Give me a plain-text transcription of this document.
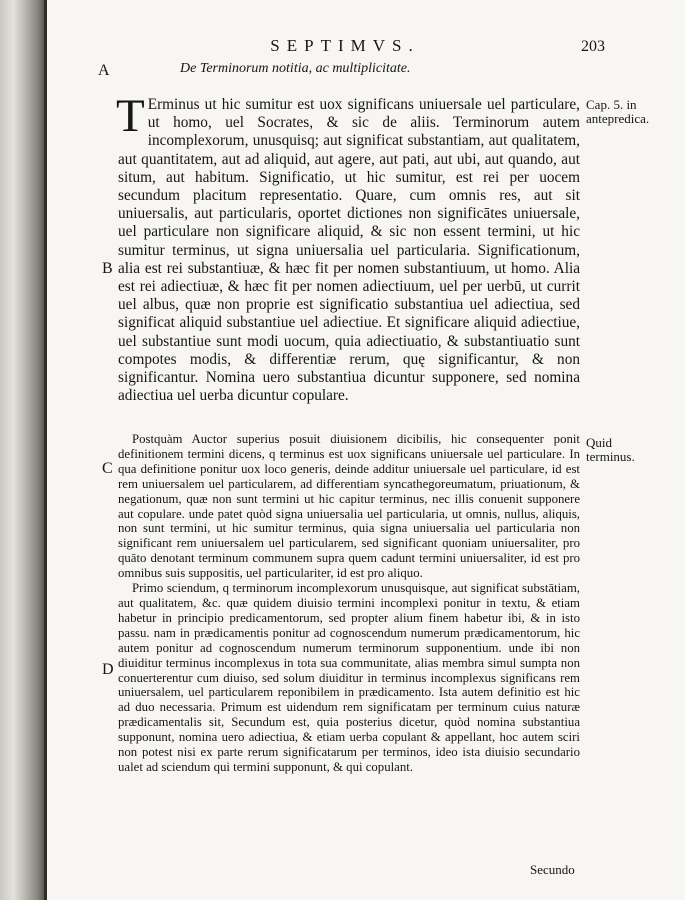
SEPTIMVS.	203
A
B
C
D
De Terminorum notitia, ac multiplicitate.
Cap. 5. in antepredica.
Quid terminus.
T Erminus ut hic sumitur est uox significans uniuersale uel particulare, ut homo, uel Socrates, & sic de aliis. Terminorum autem incomplexorum, unusquisq; aut significat substantiam, aut qualitatem, aut quantitatem, aut ad aliquid, aut agere, aut pati, aut ubi, aut quando, aut situm, aut habitum. Significatio, ut hic sumitur, est rei per uocem secundum placitum representatio. Quare, cum omnis res, aut sit uniuersalis, aut particularis, oportet dictiones non significātes uniuersale, uel particulare non significare aliquid, & sic non essent termini, ut hic sumitur terminus, ut signa uniuersalia uel particularia. Significationum, alia est rei substantiuæ, & hæc fit per nomen substantiuum, ut homo. Alia est rei adiectiuæ, & hæc fit per nomen adiectiuum, uel per uerbū, ut currit uel albus, quæ non proprie est significatio substantiua uel adiectiua, sed significat aliquid substantiue uel adiectiue. Et significare aliquid adiectiue, uel substantiue sunt modi uocum, quia adiectiuatio, & substantiuatio sunt compotes modis, & differentiæ rerum, quę significantur, & non significantur. Nomina uero substantiua dicuntur supponere, sed nomina adiectiua uel uerba dicuntur copulare.

Postquàm Auctor superius posuit diuisionem dicibilis, hic consequenter ponit definitionem termini dicens, q terminus est uox significans uniuersale uel particulare. In qua definitione ponitur uox loco generis, deinde additur uniuersale uel particulare, id est rem uniuersalem uel particularem, ad differentiam syncathegoreumatum, priuationum, & negationum, quæ non sunt termini ut hic capitur terminus, nec illis conuenit supponere aut copulare. unde patet quòd signa uniuersalia uel particularia, ut omnis, nullus, aliquis, non sunt termini, ut hic sumitur terminus, quia signa uniuersalia uel particularia non significant rem uniuersalem uel particularem, sed significant quoniam uniuersaliter, pro quāto denotant terminum communem supra quem cadunt termini uniuersaliter, id est pro omnibus suis suppositis, uel particulariter, id est pro aliquo.

Primo sciendum, q terminorum incomplexorum unusquisque, aut significat substātiam, aut qualitatem, &c. quæ quidem diuisio termini incomplexi ponitur in textu, & etiam habetur in principio predicamentorum, sed propter alium finem habetur ibi, & in isto passu. nam in prædicamentis ponitur ad cognoscendum numerum prædicamentorum, hic autem ponitur ad cognoscendum numerum terminorum supponentium. unde ibi non diuiditur terminus incomplexus in tota sua communitate, alias membra simul sumpta non conuerterentur cum diuiso, sed solum diuiditur in terminus incomplexus significans rem uniuersalem, uel particularem reponibilem in prædicamento. Ista autem definitio est hic ad duo necessaria. Primum est uidendum rem significatam per terminum cuius naturæ prædicamentalis sit, Secundum est, quia posterius dicetur, quòd nomina substantiua supponunt, nomina uero adiectiua, & etiam uerba copulant & appellant, hoc autem sciri non potest nisi ex parte rerum significatarum per terminos, ideo ista diuisio secundario ualet ad sciendum qui termini supponunt, & qui copulant.

Secundo
